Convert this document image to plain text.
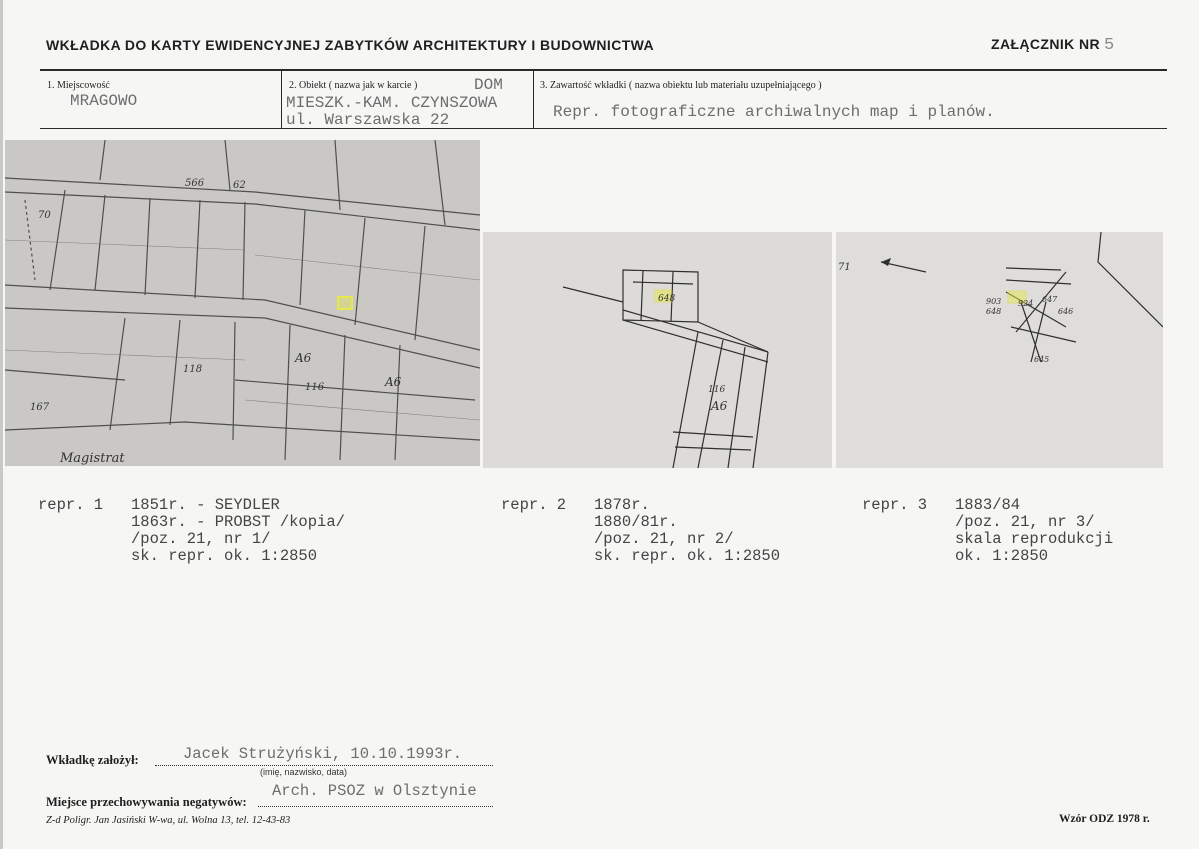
WKŁADKA DO KARTY EWIDENCYJNEJ ZABYTKÓW ARCHITEKTURY I BUDOWNICTWA	ZAŁĄCZNIK NR 5
1. Miejscowość
MRAGOWO
2. Obiekt ( nazwa jak w karcie )	DOM
MIESZK.-KAM. CZYNSZOWA
ul. Warszawska 22
3. Zawartość wkładki ( nazwa obiektu lub materiału uzupełniającego )
Repr. fotograficzne archiwalnych map i planów.
70
167
Magistrat
A6
A6
566	62
118
116
648
116
A6
903
648
924 647
646
645
71
repr. 1 1851r. - SEYDLER
1863r. - PROBST /kopia/
/poz. 21, nr 1/
sk. repr. ok. 1:2850
repr. 2 1878r.
1880/81r.
/poz. 21, nr 2/
sk. repr. ok. 1:2850
repr. 3 1883/84
/poz. 21, nr 3/
skala reprodukcji
ok. 1:2850
Wkładkę założył:	Jacek Strużyński, 10.10.1993r.
(imię, nazwisko, data)
Miejsce przechowywania negatywów:
Arch. PSOZ w Olsztynie
Z-d Poligr. Jan Jasiński W-wa, ul. Wolna 13, tel. 12-43-83	Wzór ODZ 1978 r.
